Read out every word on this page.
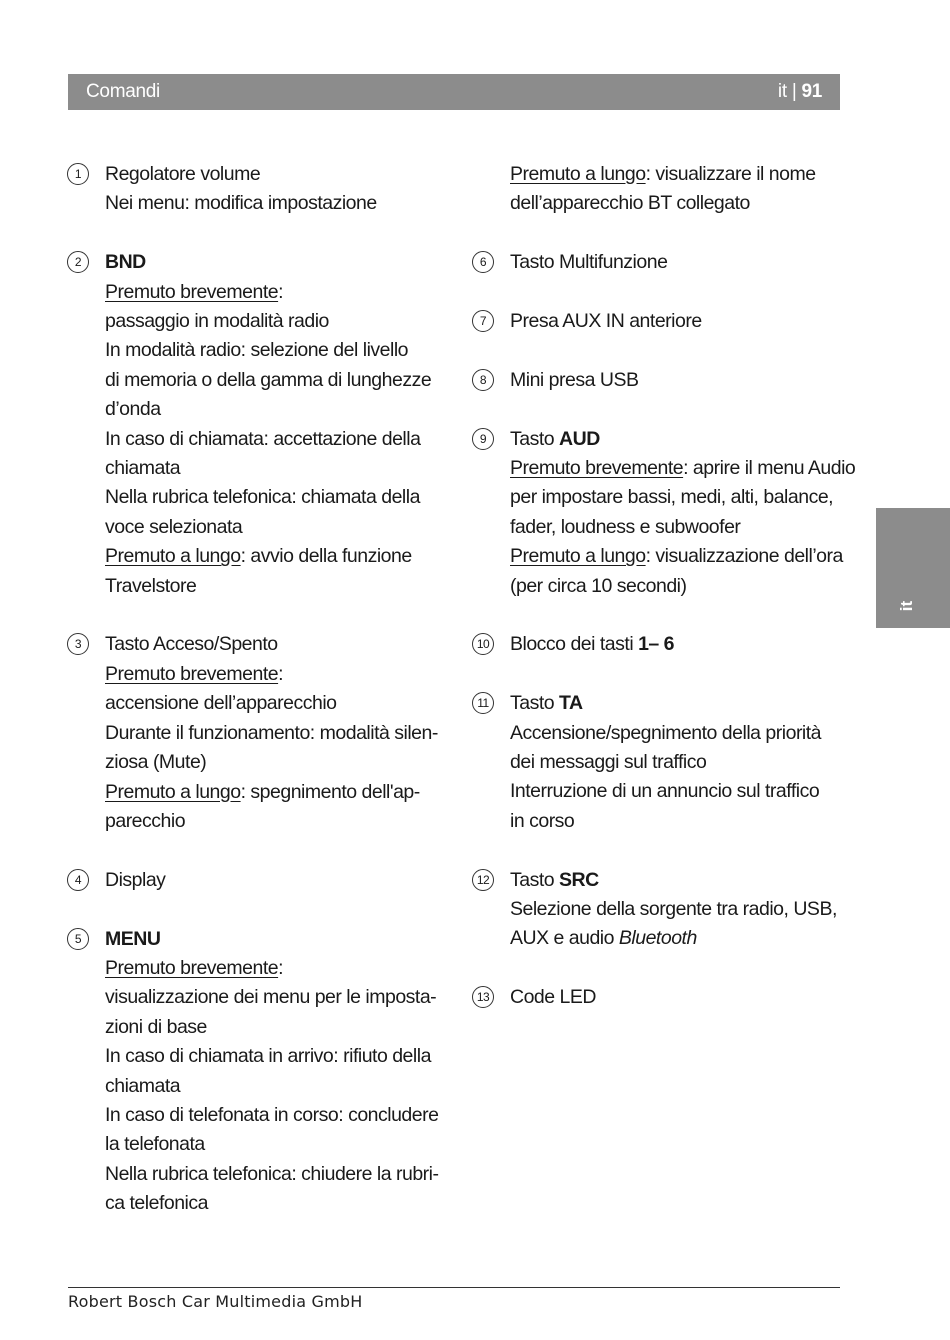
Comandi	it | 91
1	Regolatore volume
Nei menu: modifica impostazione
2	BND
Premuto brevemente:
passaggio in modalità radio
In modalità radio: selezione del livello
di memoria o della gamma di lunghezze
d’onda
In caso di chiamata: accettazione della
chiamata
Nella rubrica telefonica: chiamata della
voce selezionata
Premuto a lungo: avvio della funzione
Travelstore
3	Tasto Acceso/Spento
Premuto brevemente:
accensione dell’apparecchio
Durante il funzionamento: modalità silen-
ziosa (Mute)
Premuto a lungo: spegnimento dell'ap-
parecchio
4	Display
5	MENU
Premuto brevemente:
visualizzazione dei menu per le imposta-
zioni di base
In caso di chiamata in arrivo: rifiuto della
chiamata
In caso di telefonata in corso: concludere
la telefonata
Nella rubrica telefonica: chiudere la rubri-
ca telefonica
Premuto a lungo: visualizzare il nome
dell’apparecchio BT collegato
6	Tasto Multifunzione
7	Presa AUX IN anteriore
8	Mini presa USB
9	Tasto AUD
Premuto brevemente: aprire il menu Audio
per impostare bassi, medi, alti, balance,
fader, loudness e subwoofer
Premuto a lungo: visualizzazione dell’ora
(per circa 10 secondi)
10 Blocco dei tasti 1– 6
11 Tasto TA
Accensione/spegnimento della priorità
dei messaggi sul traffico
Interruzione di un annuncio sul traffico
in corso
12 Tasto SRC
Selezione della sorgente tra radio, USB,
AUX e audio Bluetooth
13 Code LED
it
Robert Bosch Car Multimedia GmbH
